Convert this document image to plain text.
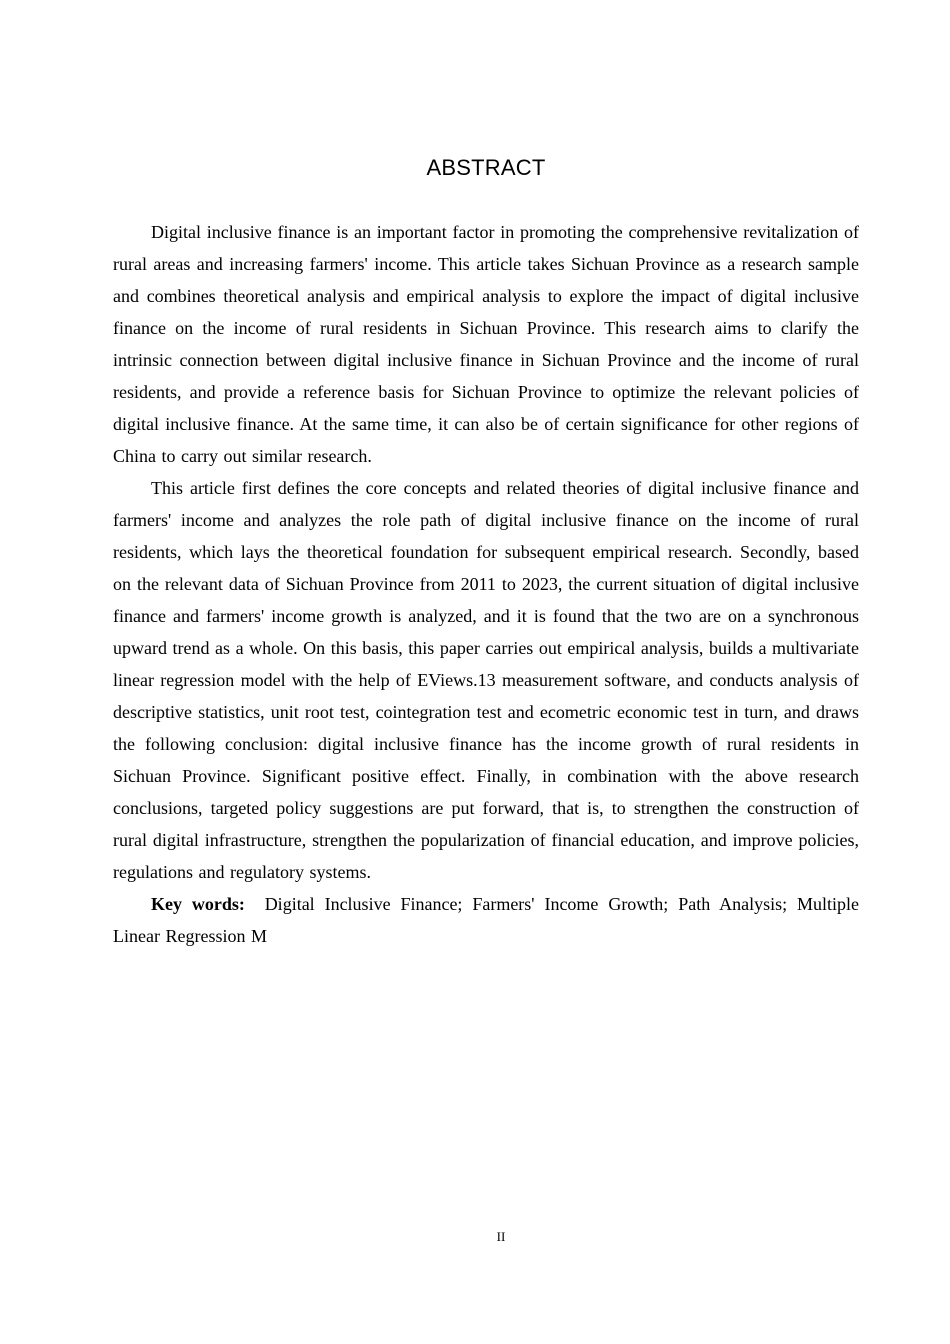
ABSTRACT

Digital inclusive finance is an important factor in promoting the comprehensive revitalization of rural areas and increasing farmers' income. This article takes Sichuan Province as a research sample and combines theoretical analysis and empirical analysis to explore the impact of digital inclusive finance on the income of rural residents in Sichuan Province. This research aims to clarify the intrinsic connection between digital inclusive finance in Sichuan Province and the income of rural residents, and provide a reference basis for Sichuan Province to optimize the relevant policies of digital inclusive finance. At the same time, it can also be of certain significance for other regions of China to carry out similar research.

This article first defines the core concepts and related theories of digital inclusive finance and farmers' income and analyzes the role path of digital inclusive finance on the income of rural residents, which lays the theoretical foundation for subsequent empirical research. Secondly, based on the relevant data of Sichuan Province from 2011 to 2023, the current situation of digital inclusive finance and farmers' income growth is analyzed, and it is found that the two are on a synchronous upward trend as a whole. On this basis, this paper carries out empirical analysis, builds a multivariate linear regression model with the help of EViews.13 measurement software, and conducts analysis of descriptive statistics, unit root test, cointegration test and ecometric economic test in turn, and draws the following conclusion: digital inclusive finance has the income growth of rural residents in Sichuan Province. Significant positive effect. Finally, in combination with the above research conclusions, targeted policy suggestions are put forward, that is, to strengthen the construction of rural digital infrastructure, strengthen the popularization of financial education, and improve policies, regulations and regulatory systems.

Key words: Digital Inclusive Finance; Farmers' Income Growth; Path Analysis; Multiple Linear Regression M

II
